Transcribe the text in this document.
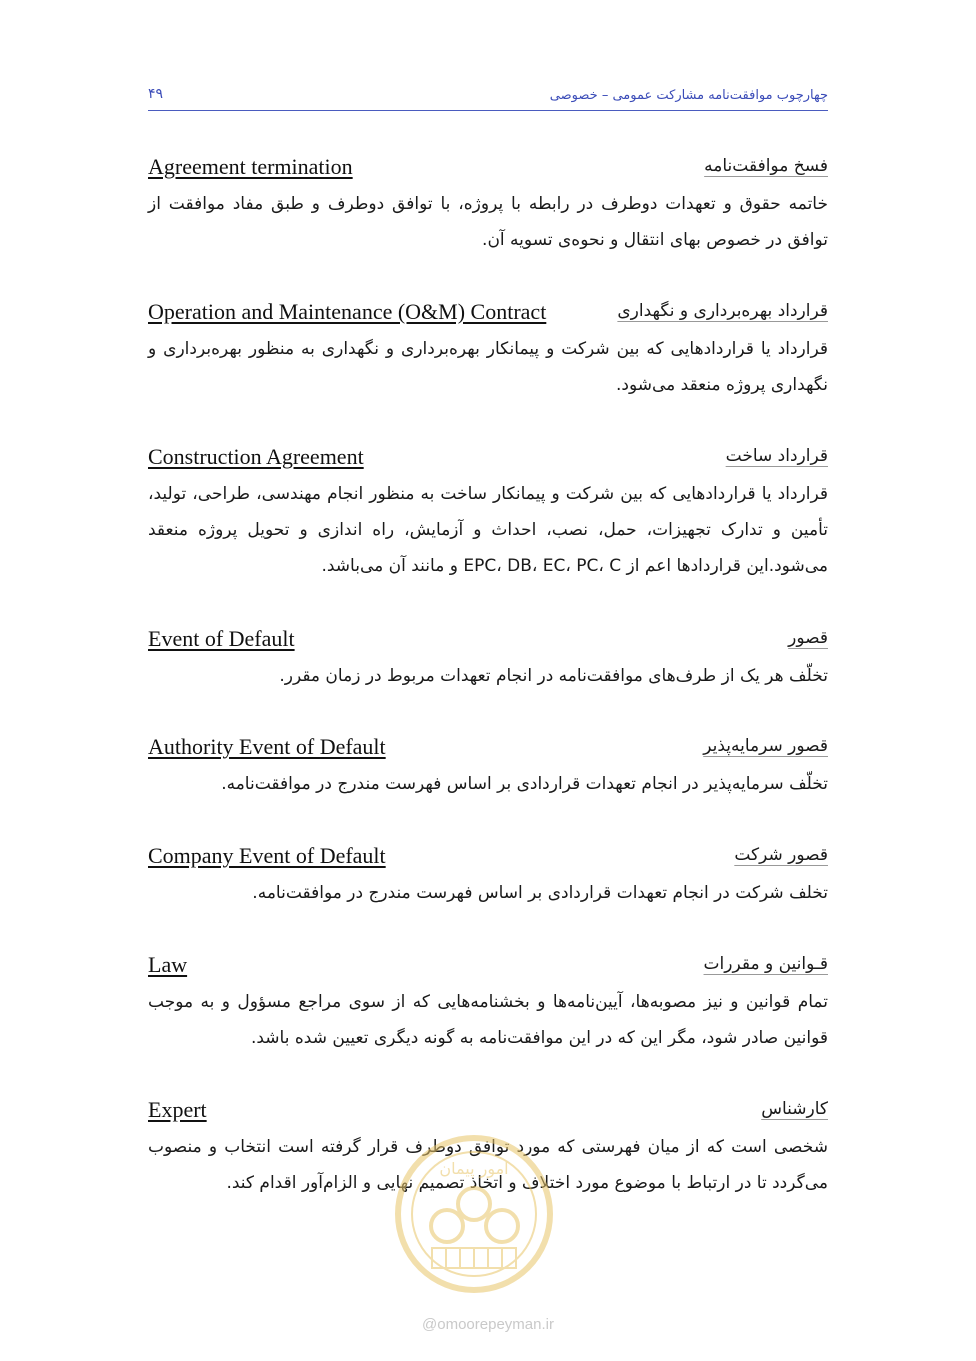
۴۹	چهارچوب موافقت‌نامه مشارکت عمومی – خصوصی
Agreement termination	فسخ موافقت‌نامه
خاتمه حقوق و تعهدات دوطرف در رابطه با پروژه، با توافق دوطرف و طبق مفاد موافقت از توافق در خصوص بهای انتقال و نحوه‌ی تسویه آن.
Operation and Maintenance (O&M) Contract	قرارداد بهره‌برداری و نگهداری
قرارداد یا قراردادهایی که بین شرکت و پیمانکار بهره‌برداری و نگهداری به منظور بهره‌برداری و نگهداری پروژه منعقد می‌شود.
Construction Agreement	قرارداد ساخت
قرارداد یا قراردادهایی که بین شرکت و پیمانکار ساخت به منظور انجام مهندسی، طراحی، تولید، تأمین و تدارک تجهیزات، حمل، نصب، احداث و آزمایش، راه اندازی و تحویل پروژه منعقد می‌شود.این قراردادها اعم از EPC، DB، EC، PC، C و مانند آن می‌باشد.
Event of Default	قصور
تخلّف هر یک از طرف‌های موافقت‌نامه در انجام تعهدات مربوط در زمان مقرر.
Authority Event of Default	قصور سرمایه‌پذیر
تخلّف سرمایه‌پذیر در انجام تعهدات قراردادی بر اساس فهرست مندرج در موافقت‌نامه.
Company Event of Default	قصور شرکت
تخلف شرکت در انجام تعهدات قراردادی بر اساس فهرست مندرج در موافقت‌نامه.
Law	قـوانین و مقررات
تمام قوانین و نیز مصوبه‌ها، آیین‌نامه‌ها و بخشنامه‌هایی که از سوی مراجع مسؤول و به موجب قوانین صادر شود، مگر این که در این موافقت‌نامه به گونه دیگری تعیین شده باشد.
Expert	کارشناس
شخصی است که از میان فهرستی که مورد توافق دوطرف قرار گرفته است انتخاب و منصوب می‌گردد تا در ارتباط با موضوع مورد اختلاف و اتخاذ تصمیم نهایی و الزام‌آور اقدام کند.
امور پیمان
@omoorepeyman.ir
